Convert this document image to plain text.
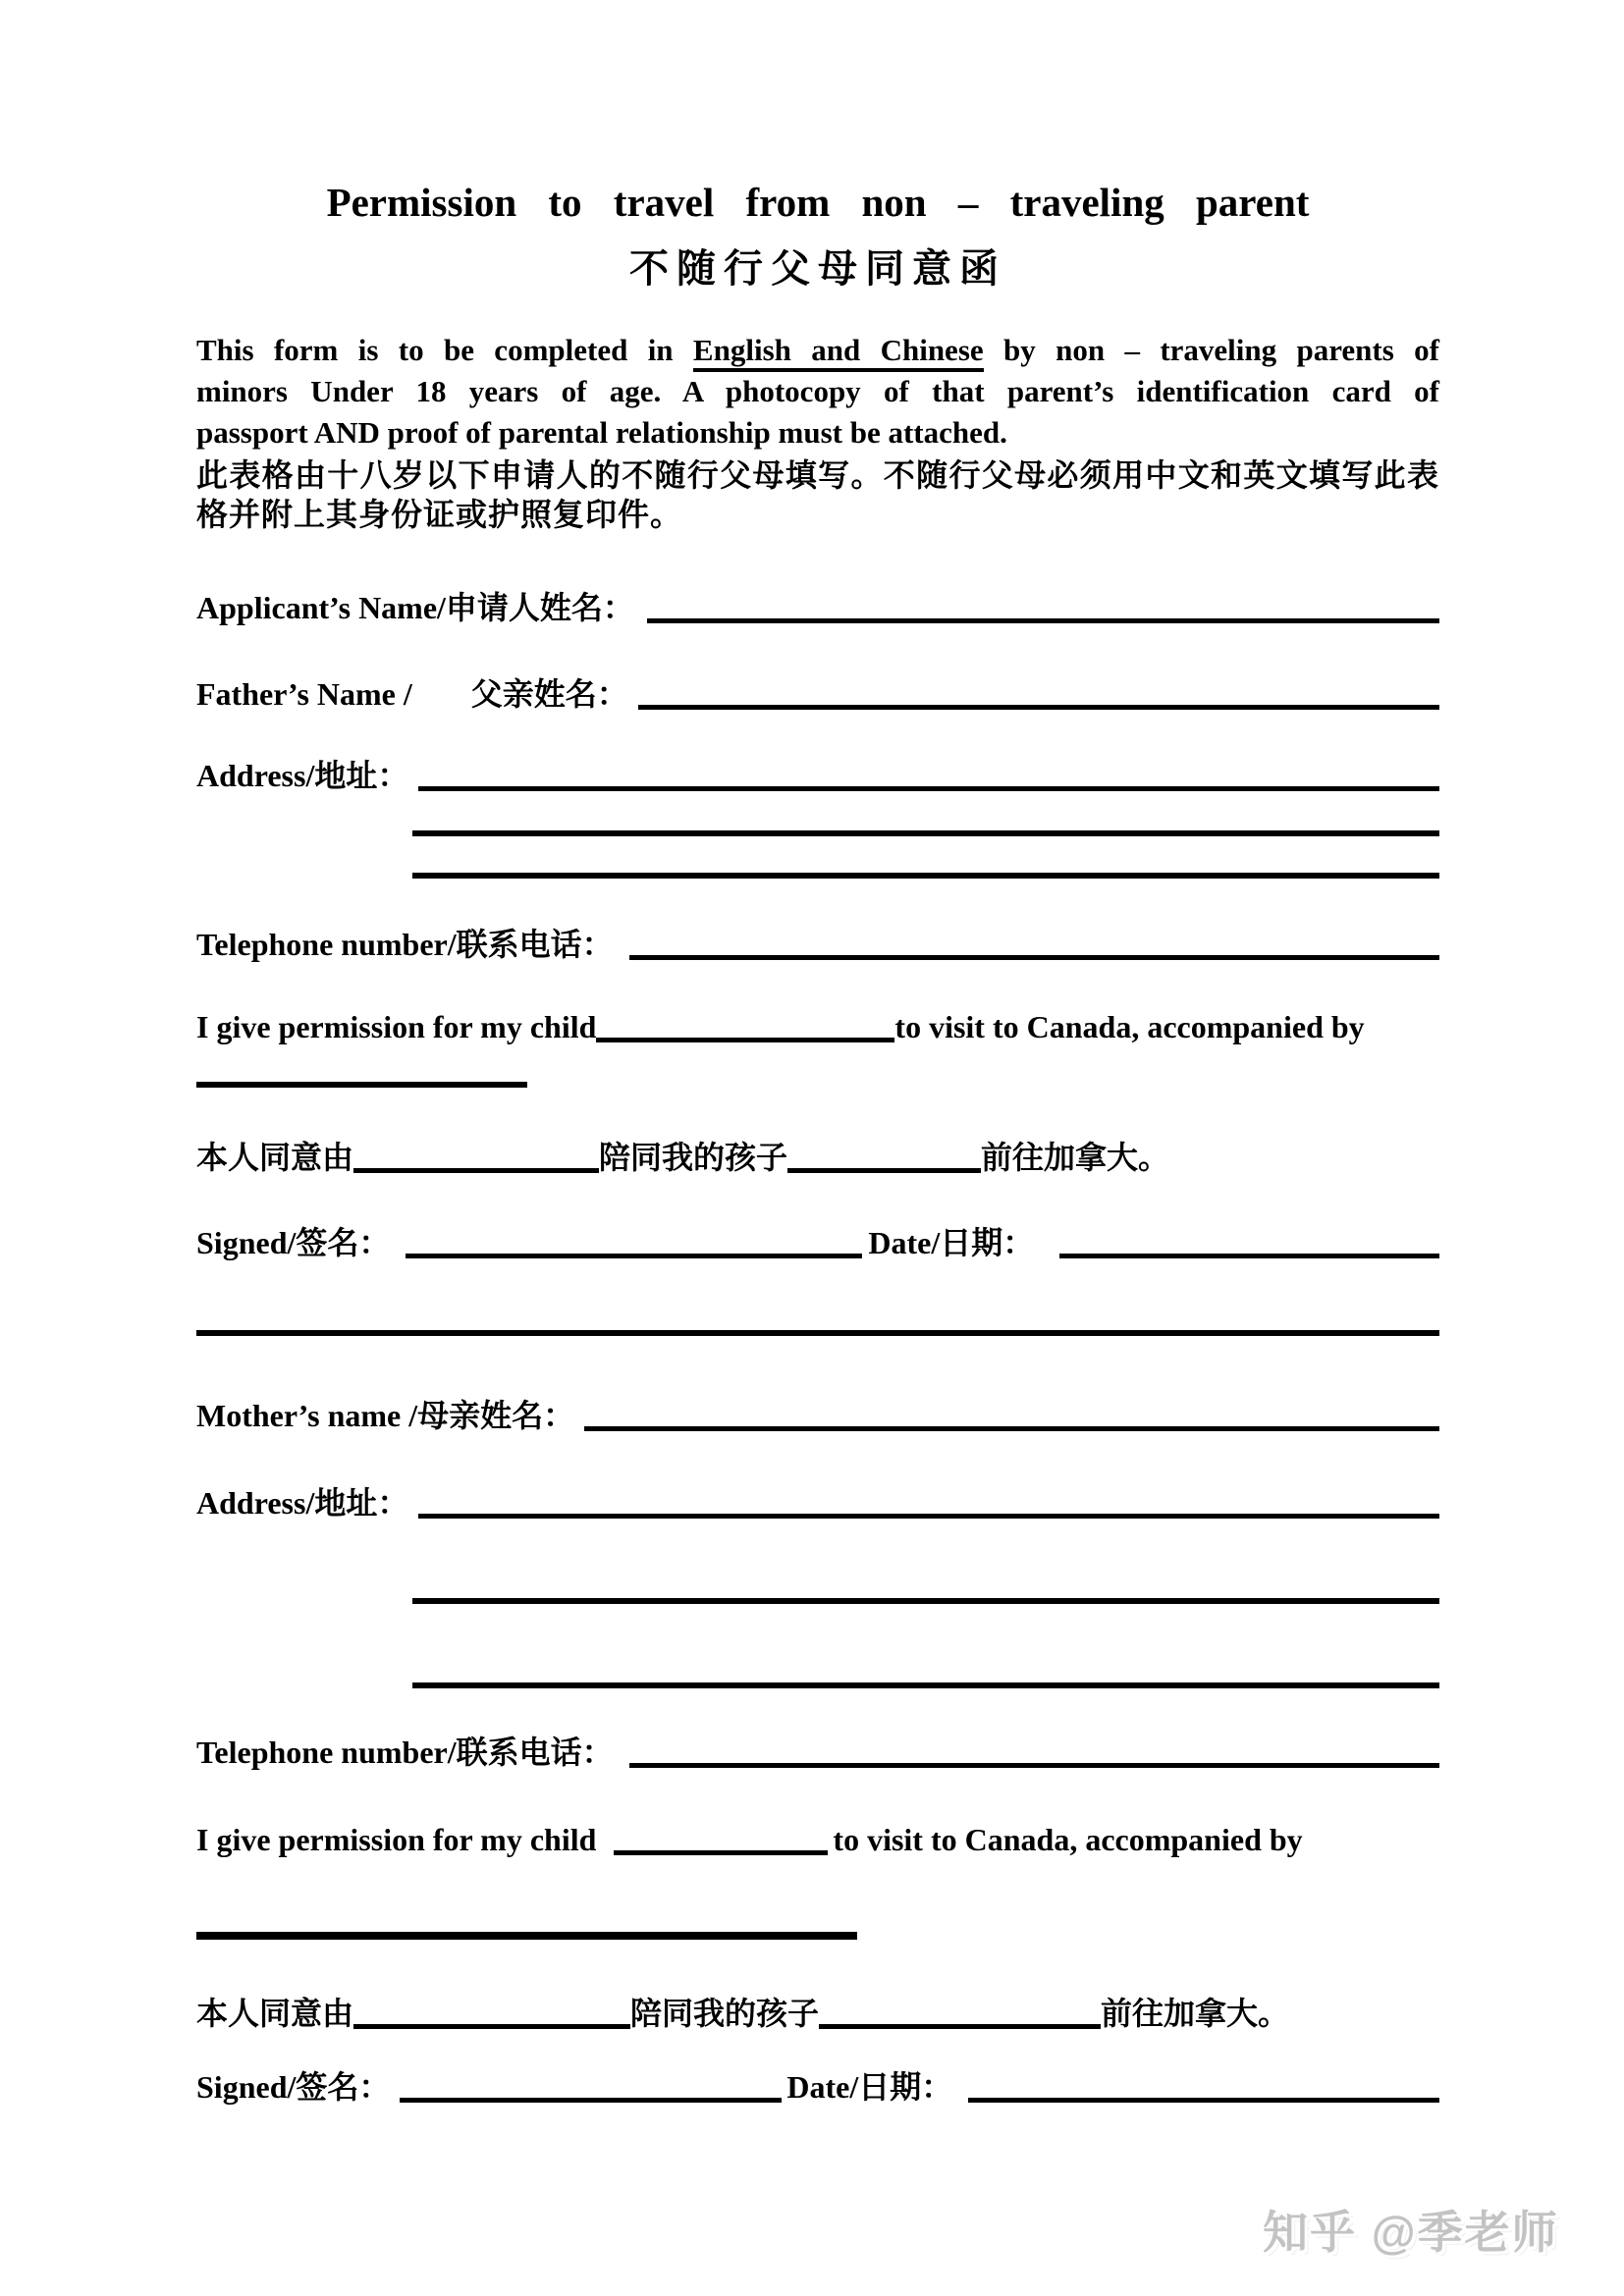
Permission to travel from non – traveling parent
不随行父母同意函
This form is to be completed in English and Chinese by non – traveling parents of
minors Under 18 years of age. A photocopy of that parent’s identification card of
passport AND proof of parental relationship must be attached.
此表格由十八岁以下申请人的不随行父母填写。不随行父母必须用中文和英文填写此表
格并附上其身份证或护照复印件。
Applicant’s Name/申请人姓名：
Father’s Name / 父亲姓名：
Address/地址：
Telephone number/联系电话：
I give permission for my child	to visit to Canada, accompanied by
本人同意由	陪同我的孩子	前往加拿大。
Signed/签名：	Date/日期：
Mother’s name /母亲姓名：
Address/地址：
Telephone number/联系电话：
I give permission for my child	to visit to Canada, accompanied by
本人同意由	陪同我的孩子	前往加拿大。
Signed/签名：	Date/日期：
知乎 @季老师
